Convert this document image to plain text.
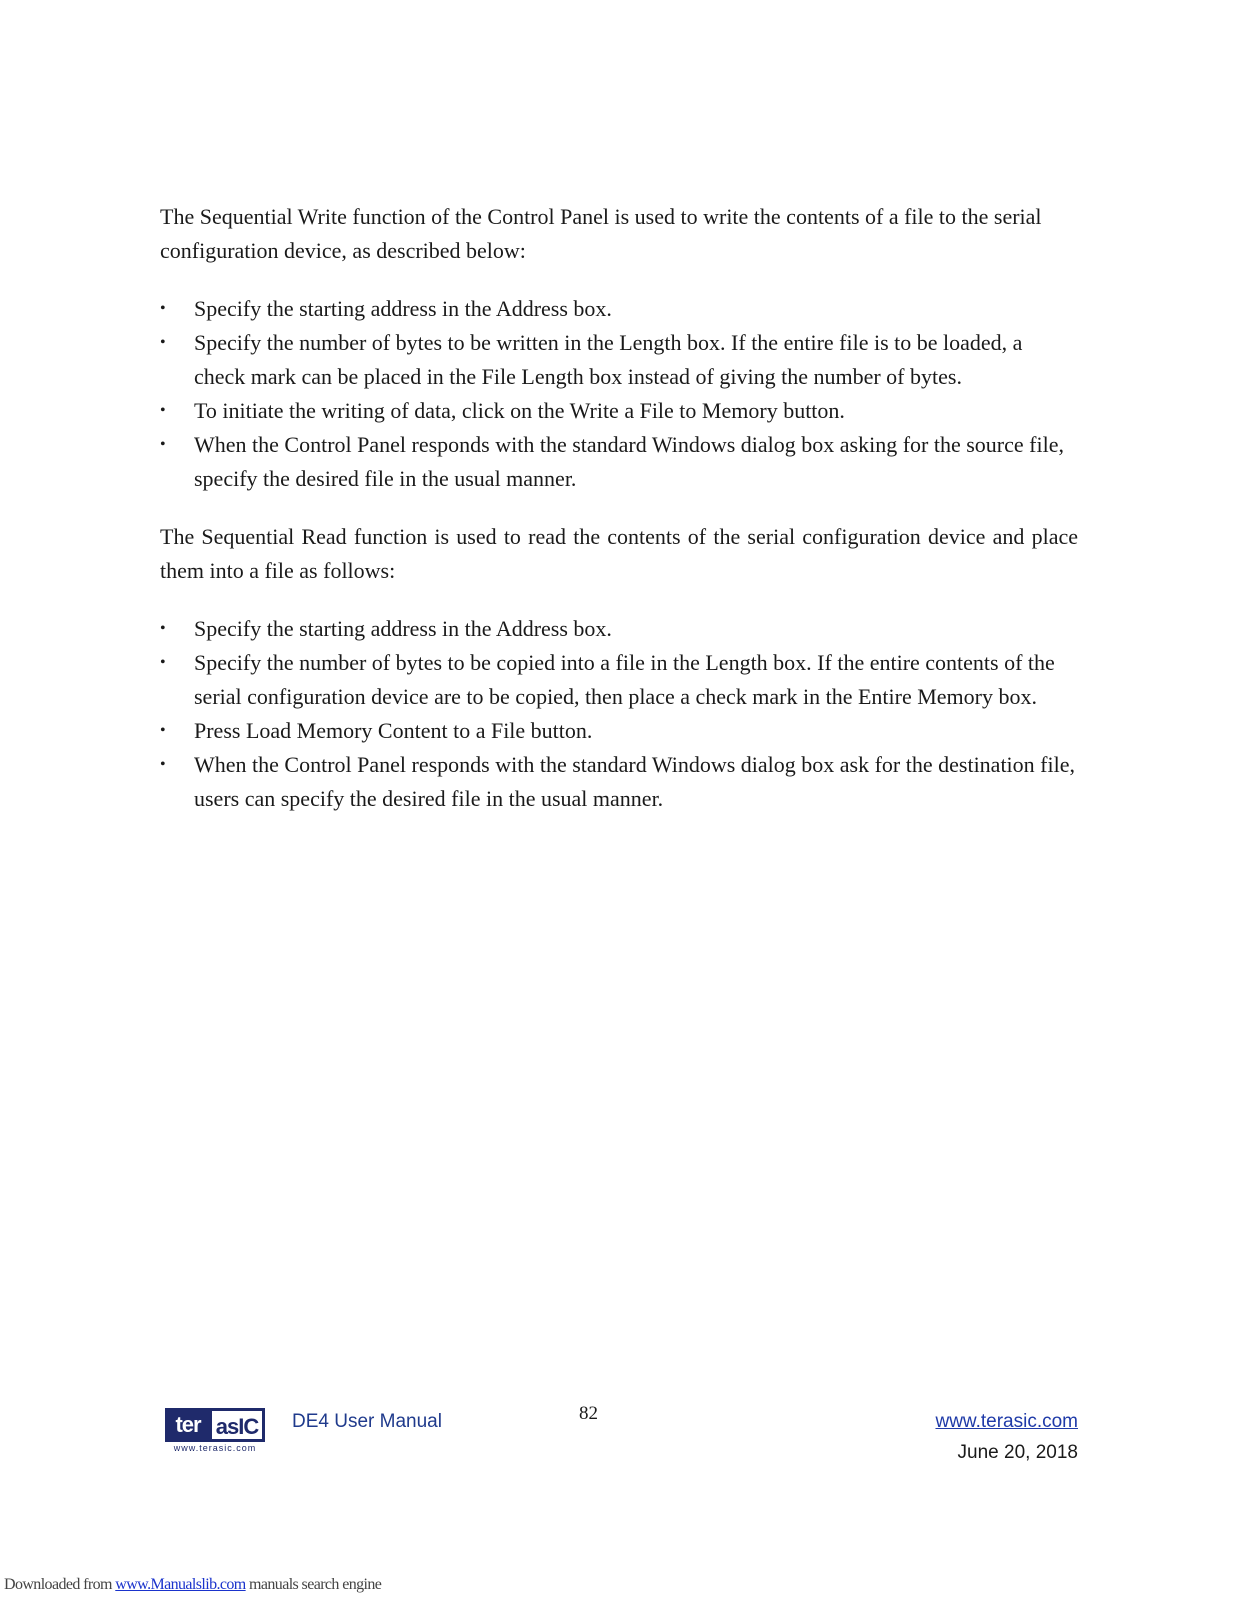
The Sequential Write function of the Control Panel is used to write the contents of a file to the serial configuration device, as described below:

•	Specify the starting address in the Address box.
•	Specify the number of bytes to be written in the Length box. If the entire file is to be loaded, a check mark can be placed in the File Length box instead of giving the number of bytes.
•	To initiate the writing of data, click on the Write a File to Memory button.
•	When the Control Panel responds with the standard Windows dialog box asking for the source file, specify the desired file in the usual manner.

The Sequential Read function is used to read the contents of the serial configuration device and place them into a file as follows:

•	Specify the starting address in the Address box.
•	Specify the number of bytes to be copied into a file in the Length box. If the entire contents of the serial configuration device are to be copied, then place a check mark in the Entire Memory box.
•	Press Load Memory Content to a File button.
•	When the Control Panel responds with the standard Windows dialog box ask for the destination file, users can specify the desired file in the usual manner.
ter asIC
www.terasic.com
DE4 User Manual	82	www.terasic.com
June 20, 2018
Downloaded from www.Manualslib.com manuals search engine
